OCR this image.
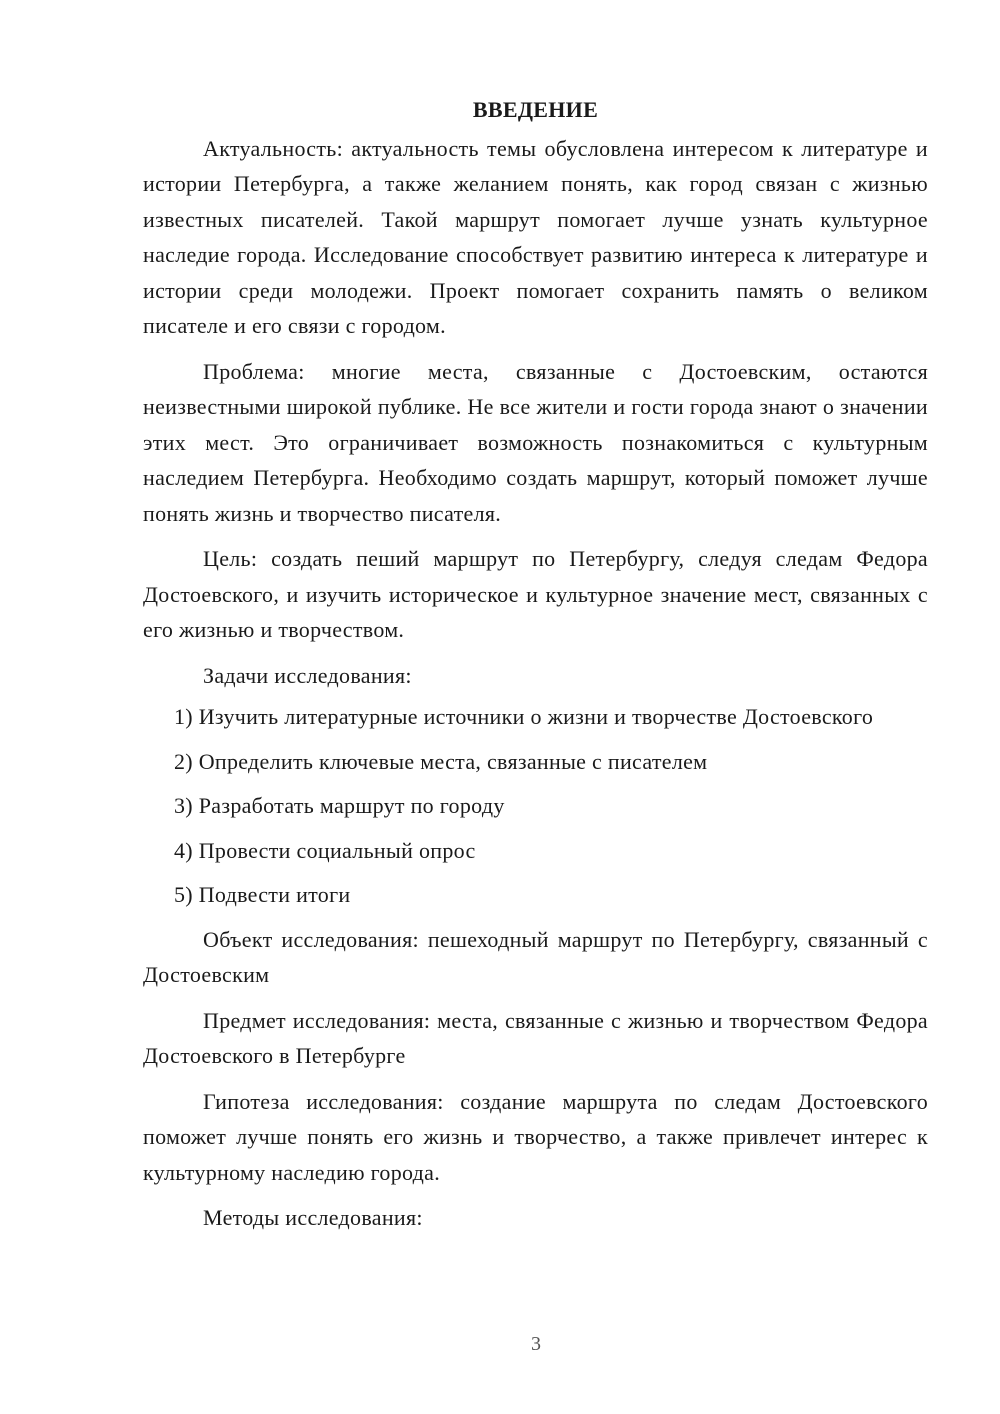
ВВЕДЕНИЕ

Актуальность: актуальность темы обусловлена интересом к литературе и истории Петербурга, а также желанием понять, как город связан с жизнью известных писателей. Такой маршрут помогает лучше узнать культурное наследие города. Исследование способствует развитию интереса к литературе и истории среди молодежи. Проект помогает сохранить память о великом писателе и его связи с городом.

Проблема: многие места, связанные с Достоевским, остаются неизвестными широкой публике. Не все жители и гости города знают о значении этих мест. Это ограничивает возможность познакомиться с культурным наследием Петербурга. Необходимо создать маршрут, который поможет лучше понять жизнь и творчество писателя.

Цель: создать пеший маршрут по Петербургу, следуя следам Федора Достоевского, и изучить историческое и культурное значение мест, связанных с его жизнью и творчеством.

Задачи исследования:

1) Изучить литературные источники о жизни и творчестве Достоевского

2) Определить ключевые места, связанные с писателем

3) Разработать маршрут по городу

4) Провести социальный опрос

5) Подвести итоги

Объект исследования: пешеходный маршрут по Петербургу, связанный с Достоевским

Предмет исследования: места, связанные с жизнью и творчеством Федора Достоевского в Петербурге

Гипотеза исследования: создание маршрута по следам Достоевского поможет лучше понять его жизнь и творчество, а также привлечет интерес к культурному наследию города.

Методы исследования:

3
